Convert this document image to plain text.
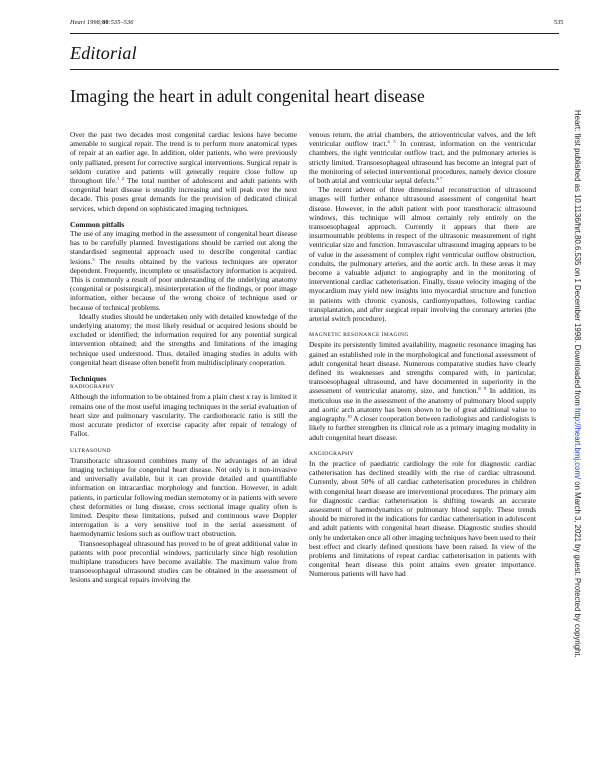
Heart 1998;80:535–536	535
Editorial
Imaging the heart in adult congenital heart disease

Over the past two decades most congenital cardiac lesions have become amenable to surgical repair. The trend is to perform more anatomical types of repair at an earlier age. In addition, older patients, who were previously only palliated, present for corrective surgical interventions. Surgical repair is seldom curative and patients will generally require close follow up throughout life.$^{1 2}$ The total number of adolescent and adult patients with congenital heart disease is steadily increasing and will peak over the next decade. This poses great demands for the provision of dedicated clinical services, which depend on sophisticated imaging techniques.

Common pitfalls

The use of any imaging method in the assessment of congenital heart disease has to be carefully planned. Investigations should be carried out along the standardised segmental approach used to describe congenital cardiac lesions.$^3$ The results obtained by the various techniques are operator dependent. Frequently, incomplete or unsatisfactory information is acquired. This is commonly a result of poor understanding of the underlying anatomy (congenital or postsurgical), misinterpretation of the findings, or poor image information, either because of the wrong choice of technique used or because of technical problems.

Ideally studies should be undertaken only with detailed knowledge of the underlying anatomy; the most likely residual or acquired lesions should be excluded or identified; the information required for any potential surgical intervention obtained; and the strengths and limitations of the imaging technique used understood. Thus, detailed imaging studies in adults with congenital heart disease often benefit from multidisciplinary cooperation.

Techniques
RADIOGRAPHY

Although the information to be obtained from a plain chest x ray is limited it remains one of the most useful imaging techniques in the serial evaluation of heart size and pulmonary vascularity. The cardiothoracic ratio is still the most accurate predictor of exercise capacity after repair of tetralogy of Fallot.

ULTRASOUND

Transthoracic ultrasound combines many of the advantages of an ideal imaging technique for congenital heart disease. Not only is it non-invasive and universally available, but it can provide detailed and quantifiable information on intracardiac morphology and function. However, in adult patients, in particular following median sternotomy or in patients with severe chest deformities or lung disease, cross sectional image quality often is limited. Despite these limitations, pulsed and continuous wave Doppler interrogation is a very sensitive tool in the serial assessment of haemodynamic lesions such as outflow tract obstruction.

Transoesophageal ultrasound has proved to be of great additional value in patients with poor precordial windows, particularly since high resolution multiplane transducers have become available. The maximum value from transoesophageal ultrasound studies can be obtained in the assessment of lesions and surgical repairs involving the

venous return, the atrial chambers, the atrioventricular valves, and the left ventricular outflow tract.$^{4 5}$ In contrast, information on the ventricular chambers, the right ventricular outflow tract, and the pulmonary arteries is strictly limited. Transoesophageal ultrasound has become an integral part of the monitoring of selected interventional procedures, namely device closure of both atrial and ventricular septal defects.$^{6 7}$

The recent advent of three dimensional reconstruction of ultrasound images will further enhance ultrasound assessment of congenital heart disease. However, in the adult patient with poor transthoracic ultrasound windows, this technique will almost certainly rely entirely on the transoesophageal approach. Currently it appears that there are insurmountable problems in respect of the ultrasonic measurement of right ventricular size and function. Intravascular ultrasound imaging appears to be of value in the assessment of complex right ventricular outflow obstruction, conduits, the pulmonary arteries, and the aortic arch. In these areas it may become a valuable adjunct to angiography and in the monitoring of interventional cardiac catheterisation. Finally, tissue velocity imaging of the myocardium may yield new insights into myocardial structure and function in patients with chronic cyanosis, cardiomyopathies, following cardiac transplantation, and after surgical repair involving the coronary arteries (the arterial switch procedure).

MAGNETIC RESONANCE IMAGING

Despite its persistently limited availability, magnetic resonance imaging has gained an established role in the morphological and functional assessment of adult congenital heart disease. Numerous comparative studies have clearly defined its weaknesses and strengths compared with, in particular, transoesophageal ultrasound, and have documented in superiority in the assessment of ventricular anatomy, size, and function.$^{8 9}$ In addition, its meticulous use in the assessment of the anatomy of pulmonary blood supply and aortic arch anatomy has been shown to be of great additional value to angiography.$^{10}$ A closer cooperation between radiologists and cardiologists is likely to further strengthen its clinical role as a primary imaging modality in adult congenital heart disease.

ANGIOGRAPHY

In the practice of paediatric cardiology the role for diagnostic cardiac catheterisation has declined steadily with the rise of cardiac ultrasound. Currently, about 50% of all cardiac catheterisation procedures in children with congenital heart disease are interventional procedures. The primary aim for diagnostic cardiac catheterisation is shifting towards an accurate assessment of haemodynamics or pulmonary blood supply. These trends should be mirrored in the indications for cardiac catheterisation in adolescent and adult patients with congenital heart disease. Diagnostic studies should only be undertaken once all other imaging techniques have been used to their best effect and clearly defined questions have been raised. In view of the problems and limitations of repeat cardiac catheterisation in patients with congenital heart disease this point attains even greater importance. Numerous patients will have had

Heart: first published as 10.1136/hrt.80.6.535 on 1 December 1998. Downloaded from http://heart.bmj.com/ on March 3, 2021 by guest. Protected by copyright.
